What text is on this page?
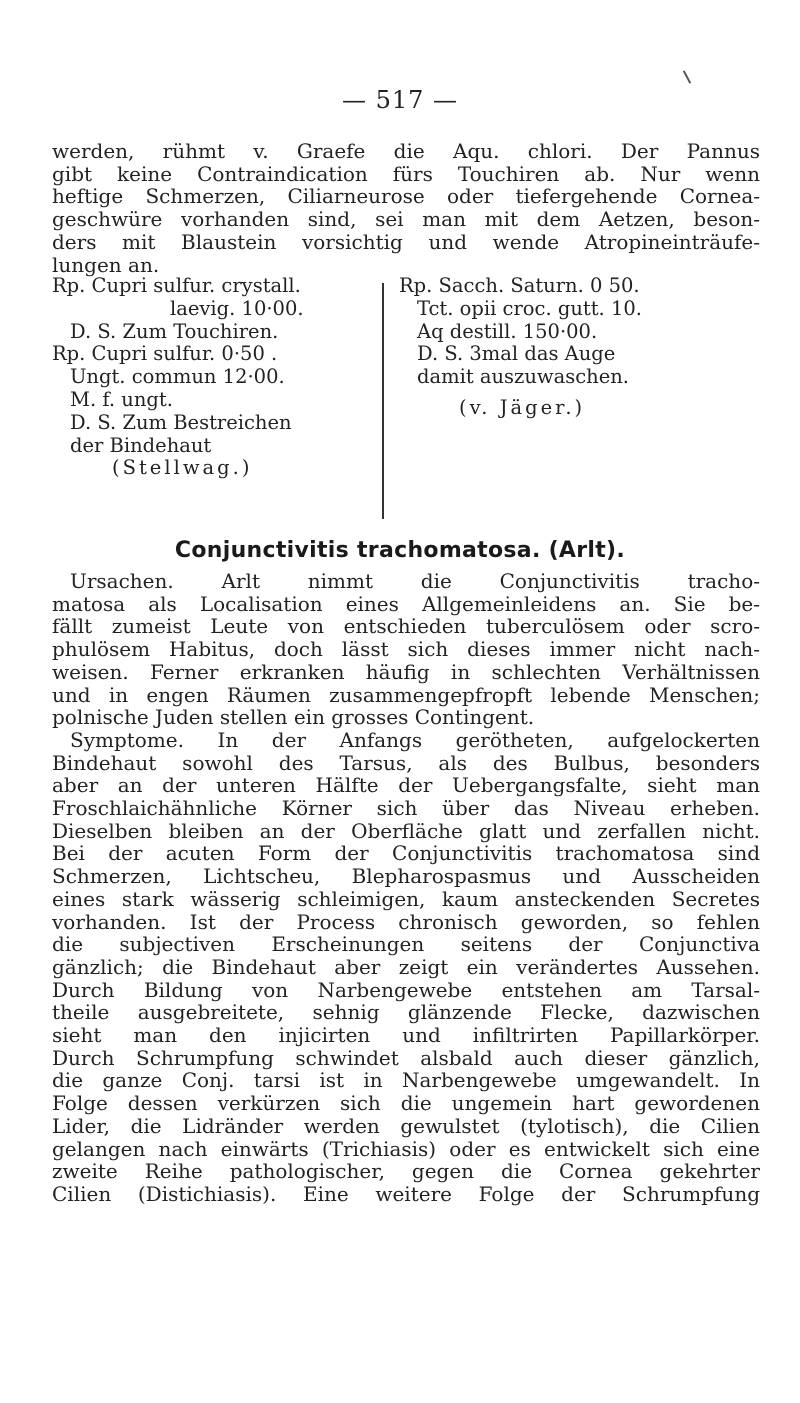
— 517 —
werden, rühmt v. Graefe die Aqu. chlori. Der Pannus
gibt keine Contraindication fürs Touchiren ab. Nur wenn
heftige Schmerzen, Ciliarneurose oder tiefergehende Cornea-
geschwüre vorhanden sind, sei man mit dem Aetzen, beson-
ders mit Blaustein vorsichtig und wende Atropineinträufe-
lungen an.
Rp. Cupri sulfur. crystall.
laevig. 10·00.
D. S. Zum Touchiren.
Rp. Cupri sulfur. 0·50 .
Ungt. commun 12·00.
M. f. ungt.
D. S. Zum Bestreichen
der Bindehaut
(Stellwag.)
Rp. Sacch. Saturn. 0 50.
Tct. opii croc. gutt. 10.
Aq destill. 150·00.
D. S. 3mal das Auge
damit auszuwaschen.
(v. Jäger.)
Conjunctivitis trachomatosa. (Arlt).
Ursachen. Arlt nimmt die Conjunctivitis tracho-
matosa als Localisation eines Allgemeinleidens an. Sie be-
fällt zumeist Leute von entschieden tuberculösem oder scro-
phulösem Habitus, doch lässt sich dieses immer nicht nach-
weisen. Ferner erkranken häufig in schlechten Verhältnissen
und in engen Räumen zusammengepfropft lebende Menschen;
polnische Juden stellen ein grosses Contingent.
Symptome. In der Anfangs gerötheten, aufgelockerten
Bindehaut sowohl des Tarsus, als des Bulbus, besonders
aber an der unteren Hälfte der Uebergangsfalte, sieht man
Froschlaichähnliche Körner sich über das Niveau erheben.
Dieselben bleiben an der Oberfläche glatt und zerfallen nicht.
Bei der acuten Form der Conjunctivitis trachomatosa sind
Schmerzen, Lichtscheu, Blepharospasmus und Ausscheiden
eines stark wässerig schleimigen, kaum ansteckenden Secretes
vorhanden. Ist der Process chronisch geworden, so fehlen
die subjectiven Erscheinungen seitens der Conjunctiva
gänzlich; die Bindehaut aber zeigt ein verändertes Aussehen.
Durch Bildung von Narbengewebe entstehen am Tarsal-
theile ausgebreitete, sehnig glänzende Flecke, dazwischen
sieht man den injicirten und infiltrirten Papillarkörper.
Durch Schrumpfung schwindet alsbald auch dieser gänzlich,
die ganze Conj. tarsi ist in Narbengewebe umgewandelt. In
Folge dessen verkürzen sich die ungemein hart gewordenen
Lider, die Lidränder werden gewulstet (tylotisch), die Cilien
gelangen nach einwärts (Trichiasis) oder es entwickelt sich eine
zweite Reihe pathologischer, gegen die Cornea gekehrter
Cilien (Distichiasis). Eine weitere Folge der Schrumpfung
